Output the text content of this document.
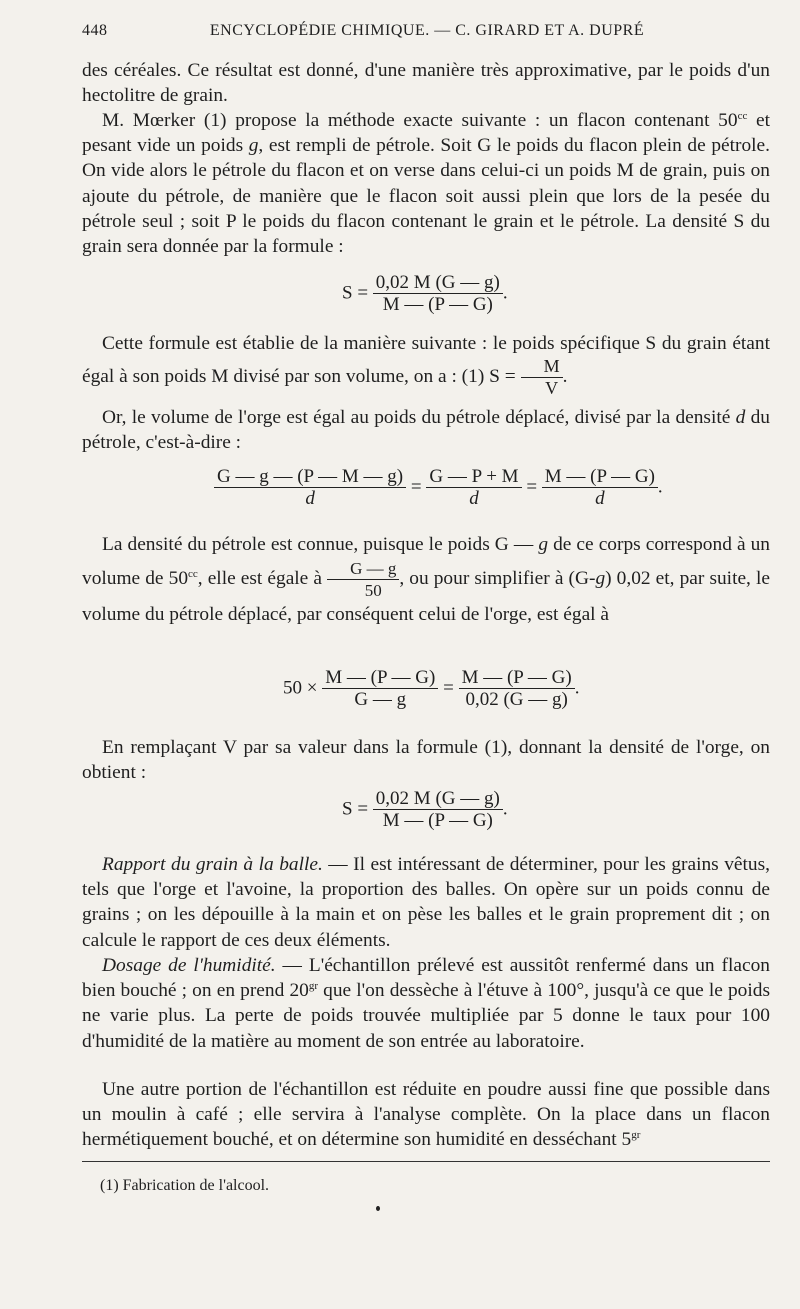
448	ENCYCLOPÉDIE CHIMIQUE. — C. GIRARD ET A. DUPRÉ
des céréales. Ce résultat est donné, d'une manière très approximative, par le poids d'un hectolitre de grain.
M. Mœrker (1) propose la méthode exacte suivante : un flacon contenant $50^{cc}$ et pesant vide un poids g, est rempli de pétrole. Soit G le poids du flacon plein de pétrole. On vide alors le pétrole du flacon et on verse dans celui-ci un poids M de grain, puis on ajoute du pétrole, de manière que le flacon soit aussi plein que lors de la pesée du pétrole seul ; soit P le poids du flacon contenant le grain et le pétrole. La densité S du grain sera donnée par la formule :
$S = \frac{0,02 M (G — g)}{M — (P — G)}$ .
Cette formule est établie de la manière suivante : le poids spécifique S du grain étant égal à son poids M divisé par son volume, on a : (1) $S = \frac{M}{V}$ .
Or, le volume de l'orge est égal au poids du pétrole déplacé, divisé par la densité d du pétrole, c'est-à-dire :
$\frac{G — g — (P — M — g)}{d} = \frac{G — P + M}{d} = \frac{M — (P — G)}{d}$ .
La densité du pétrole est connue, puisque le poids G — g de ce corps correspond à un volume de $50^{cc}$, elle est égale à $\frac{G — g}{50}$ , ou pour simplifier à (G-g) 0,02 et, par suite, le volume du pétrole déplacé, par conséquent celui de l'orge, est égal à
$50 \times \frac{M — (P — G)}{G — g} = \frac{M — (P — G)}{0,02 (G — g)}$ .
En remplaçant V par sa valeur dans la formule (1), donnant la densité de l'orge, on obtient :
$S = \frac{0,02 M (G — g)}{M — (P — G)}$ .
Rapport du grain à la balle. — Il est intéressant de déterminer, pour les grains vêtus, tels que l'orge et l'avoine, la proportion des balles. On opère sur un poids connu de grains ; on les dépouille à la main et on pèse les balles et le grain proprement dit ; on calcule le rapport de ces deux éléments.
Dosage de l'humidité. — L'échantillon prélevé est aussitôt renfermé dans un flacon bien bouché ; on en prend $20^{gr}$ que l'on dessèche à l'étuve à 100°, jusqu'à ce que le poids ne varie plus. La perte de poids trouvée multipliée par 5 donne le taux pour 100 d'humidité de la matière au moment de son entrée au laboratoire.
Une autre portion de l'échantillon est réduite en poudre aussi fine que possible dans un moulin à café ; elle servira à l'analyse complète. On la place dans un flacon hermétiquement bouché, et on détermine son humidité en desséchant $5^{gr}$
(1) Fabrication de l'alcool.
